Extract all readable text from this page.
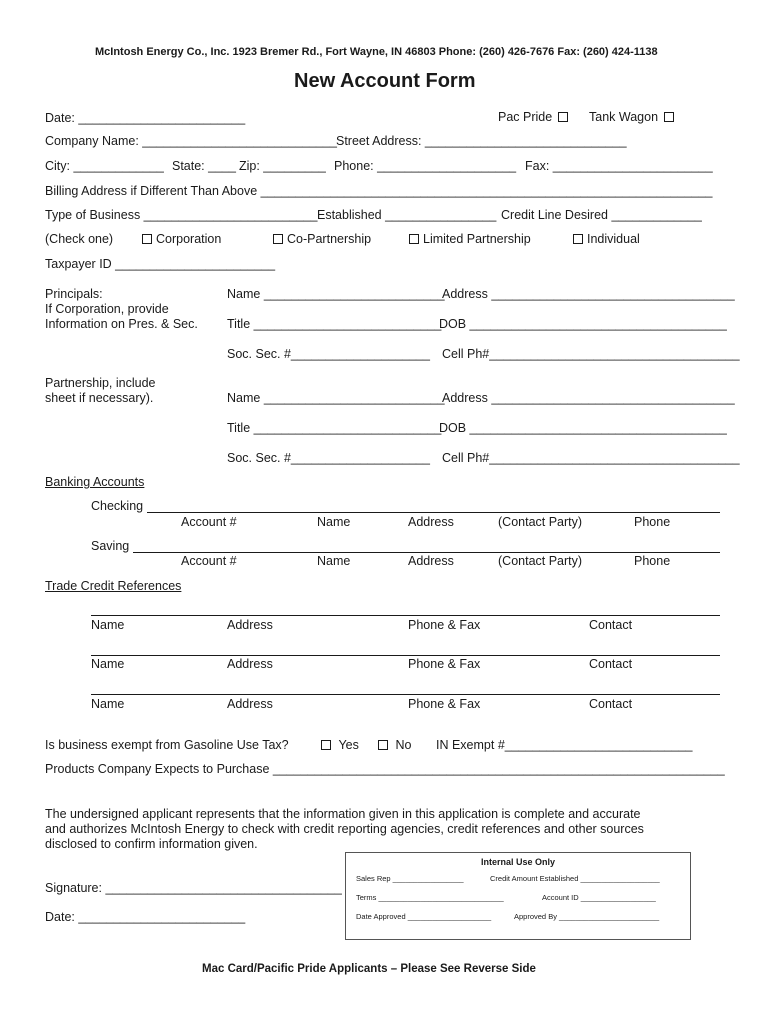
McIntosh Energy Co., Inc. 1923 Bremer Rd., Fort Wayne, IN 46803 Phone: (260) 426-7676 Fax: (260) 424-1138
New Account Form
Date: ________________________	Pac Pride	Tank Wagon
Company Name: ____________________________ Street Address: _____________________________
City: _____________ State: ____ Zip: _________ Phone: ____________________ Fax: _______________________
Billing Address if Different Than Above _________________________________________________________________
Type of Business _________________________ Established ________________ Credit Line Desired _____________
(Check one)	Corporation	Co-Partnership	Limited Partnership	Individual
Taxpayer ID _______________________
Principals:
If Corporation, provide
Information on Pres. & Sec.
Name __________________________
Address ___________________________________
Title ___________________________
DOB _____________________________________
Soc. Sec. #____________________ Cell Ph#____________________________________
Partnership, include
sheet if necessary).	Name __________________________
Address ___________________________________
Title ___________________________
DOB _____________________________________
Soc. Sec. #____________________ Cell Ph#____________________________________
Banking Accounts
Checking
Account #	Name	Address	(Contact Party)	Phone
Saving
Account #	Name	Address	(Contact Party)	Phone
Trade Credit References
Name	Address	Phone & Fax	Contact
Name	Address	Phone & Fax	Contact
Name	Address	Phone & Fax	Contact
Is business exempt from Gasoline Use Tax?	Yes	No IN Exempt #___________________________
Products Company Expects to Purchase _________________________________________________________________
The undersigned applicant represents that the information given in this application is complete and accurate
and authorizes McIntosh Energy to check with credit reporting agencies, credit references and other sources
disclosed to confirm information given.
Signature: __________________________________
Date: ________________________
Internal Use Only
Sales Rep _________________	Credit Amount Established ___________________
Terms ______________________________	Account ID __________________
Date Approved ____________________	Approved By ________________________
Mac Card/Pacific Pride Applicants – Please See Reverse Side
